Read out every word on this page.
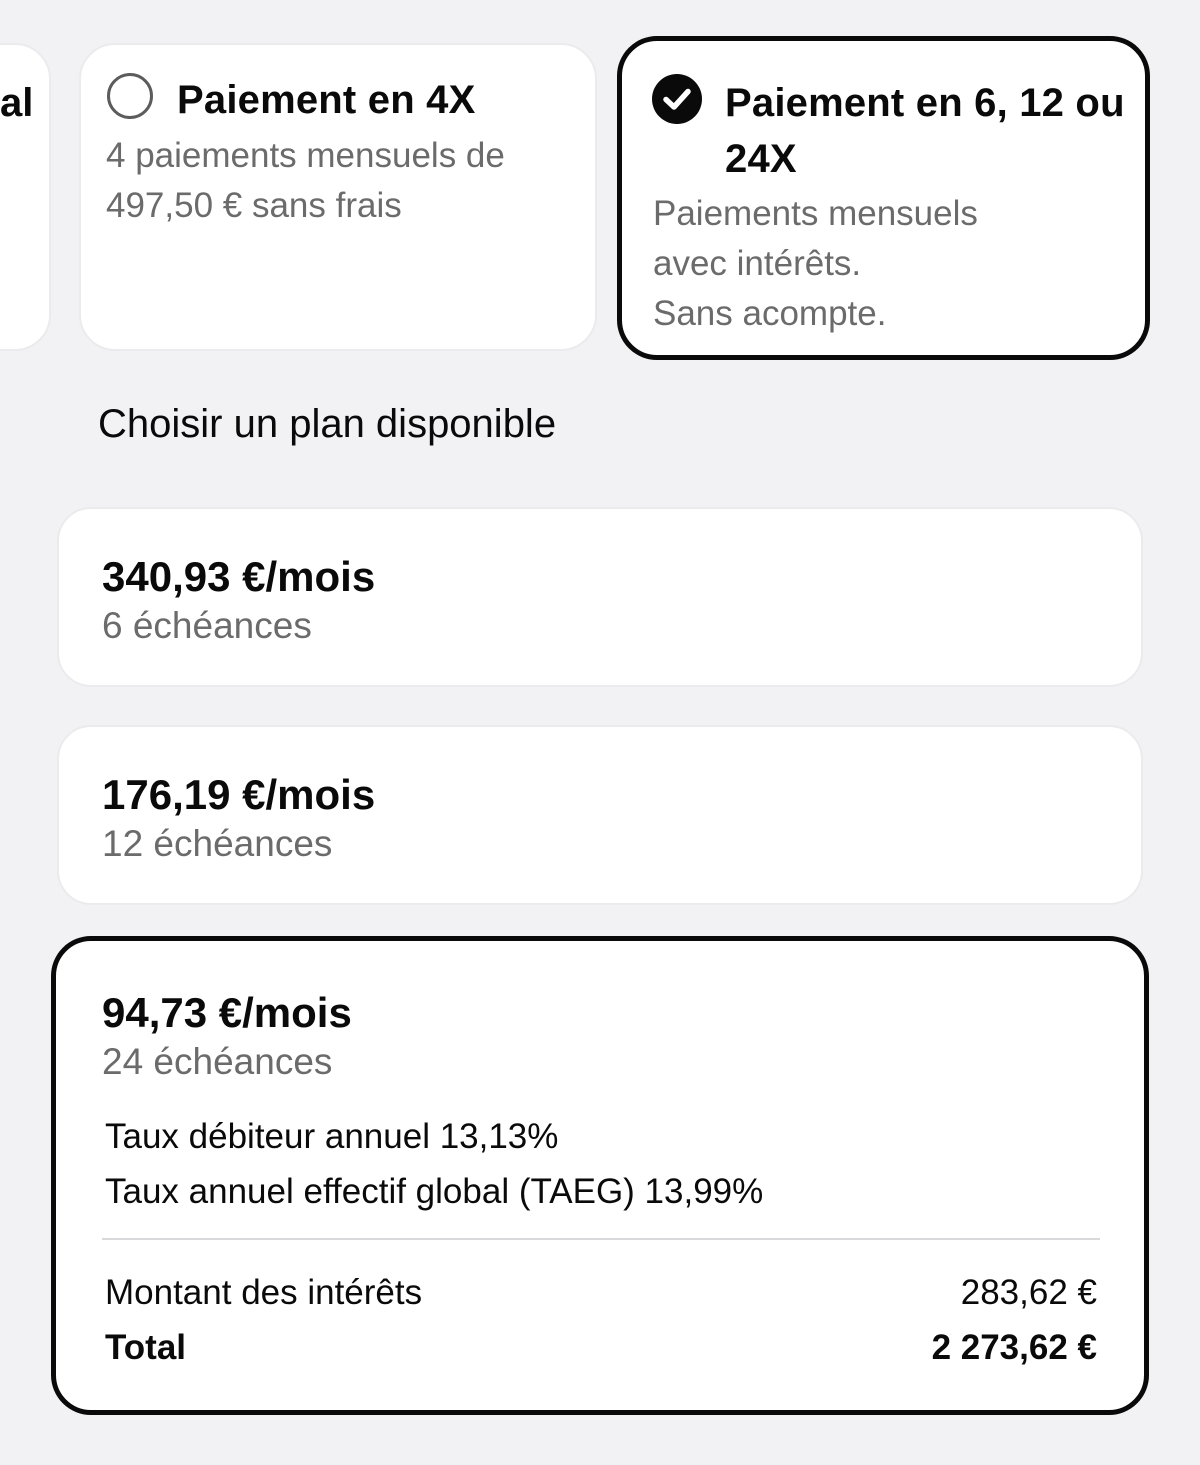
al	Paiement en 4X
4 paiements mensuels de 497,50 € sans frais
Paiement en 6, 12 ou 24X
Paiements mensuels
avec intérêts.
Sans acompte.
Choisir un plan disponible
340,93 €/mois
6 échéances
176,19 €/mois
12 échéances
94,73 €/mois
24 échéances
Taux débiteur annuel 13,13%
Taux annuel effectif global (TAEG) 13,99%
Montant des intérêts	283,62 €
Total	2 273,62 €
